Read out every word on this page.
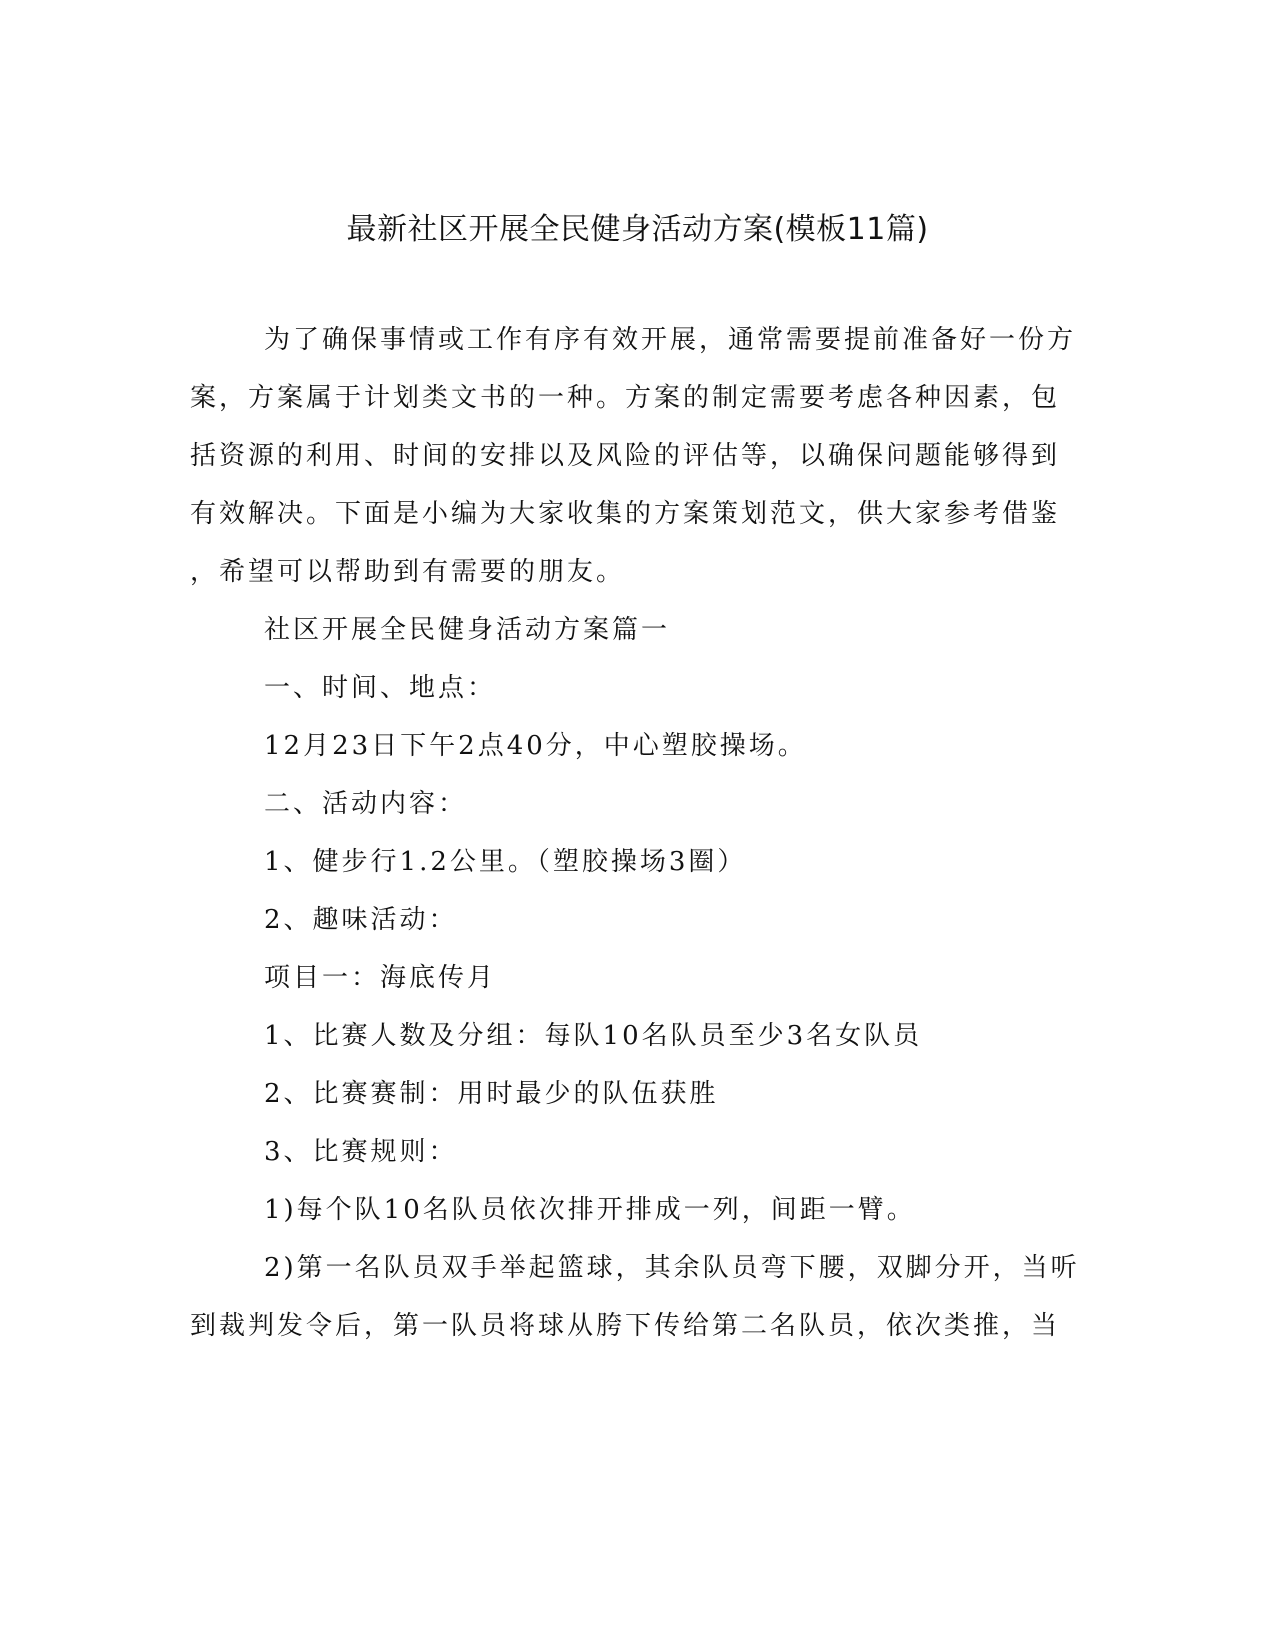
最新社区开展全民健身活动方案(模板11篇)
为了确保事情或工作有序有效开展，通常需要提前准备好一份方
案，方案属于计划类文书的一种。方案的制定需要考虑各种因素，包
括资源的利用、时间的安排以及风险的评估等，以确保问题能够得到
有效解决。下面是小编为大家收集的方案策划范文，供大家参考借鉴
，希望可以帮助到有需要的朋友。
社区开展全民健身活动方案篇一
一、时间、地点：
12月23日下午2点40分，中心塑胶操场。
二、活动内容：
1、健步行1.2公里。（塑胶操场3圈）
2、趣味活动：
项目一：海底传月
1、比赛人数及分组：每队10名队员至少3名女队员
2、比赛赛制：用时最少的队伍获胜
3、比赛规则：
1)每个队10名队员依次排开排成一列，间距一臂。
2)第一名队员双手举起篮球，其余队员弯下腰，双脚分开，当听
到裁判发令后，第一队员将球从胯下传给第二名队员，依次类推，当
